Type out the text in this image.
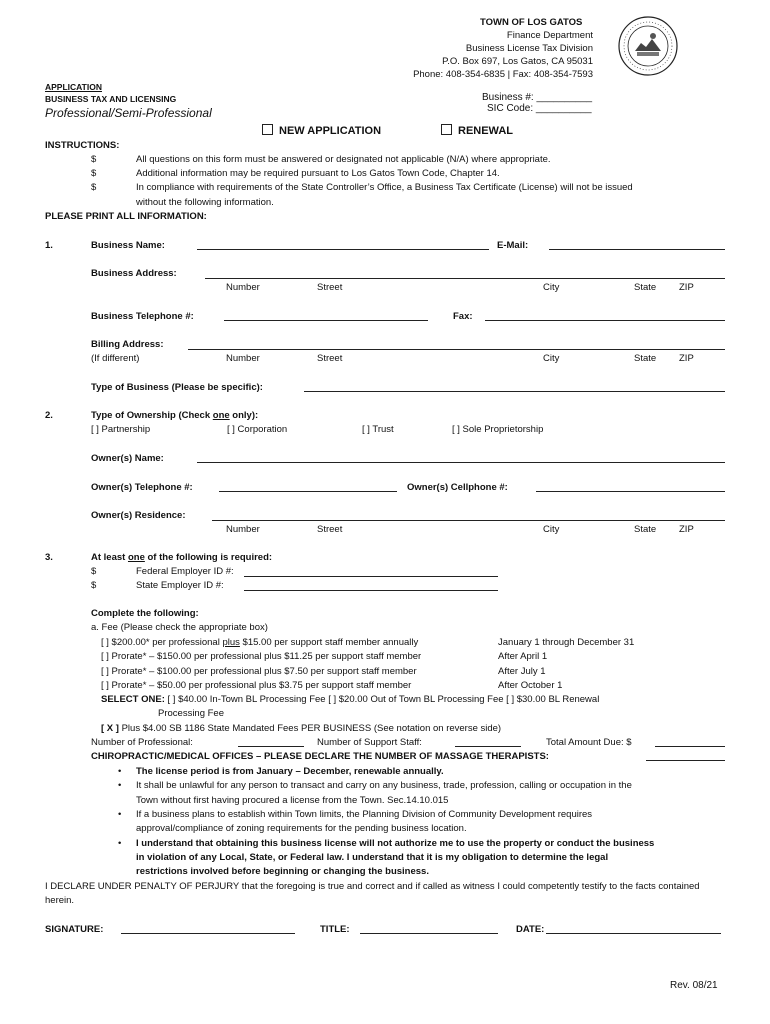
TOWN OF LOS GATOS
Finance Department
Business License Tax Division
P.O. Box 697, Los Gatos, CA 95031
Phone: 408-354-6835 | Fax: 408-354-7593
APPLICATION
BUSINESS TAX AND LICENSING
Professional/Semi-Professional
Business #: __________
SIC Code: __________
NEW APPLICATION	RENEWAL
INSTRUCTIONS:
$	All questions on this form must be answered or designated not applicable (N/A) where appropriate.
$	Additional information may be required pursuant to Los Gatos Town Code, Chapter 14.
$	In compliance with requirements of the State Controller’s Office, a Business Tax Certificate (License) will not be issued
without the following information.
PLEASE PRINT ALL INFORMATION:
1.	Business Name:	E-Mail:
Business Address:
Number	Street	City	State ZIP
Business Telephone #:	Fax:
Billing Address:
(If different)	Number	Street	City	State ZIP
Type of Business (Please be specific):
2.	Type of Ownership (Check one only):
[ ] Partnership	[ ] Corporation	[ ] Trust	[ ] Sole Proprietorship
Owner(s) Name:
Owner(s) Telephone #:	Owner(s) Cellphone #:
Owner(s) Residence:
Number	Street	City	State ZIP
3.	At least one of the following is required:
$	Federal Employer ID #:
$	State Employer ID #:
Complete the following:
a. Fee (Please check the appropriate box)
[ ] $200.00* per professional plus $15.00 per support staff member annually	January 1 through December 31
[ ] Prorate* – $150.00 per professional plus $11.25 per support staff member	After April 1
[ ] Prorate* – $100.00 per professional plus $7.50 per support staff member	After July 1
[ ] Prorate* – $50.00 per professional plus $3.75 per support staff member	After October 1
SELECT ONE: [ ] $40.00 In-Town BL Processing Fee [ ] $20.00 Out of Town BL Processing Fee [ ] $30.00 BL Renewal
Processing Fee
[ X ] Plus $4.00 SB 1186 State Mandated Fees PER BUSINESS (See notation on reverse side)
Number of Professional:	Number of Support Staff:	Total Amount Due: $
CHIROPRACTIC/MEDICAL OFFICES – PLEASE DECLARE THE NUMBER OF MASSAGE THERAPISTS:
• The license period is from January – December, renewable annually.
• It shall be unlawful for any person to transact and carry on any business, trade, profession, calling or occupation in the
Town without first having procured a license from the Town. Sec.14.10.015
• If a business plans to establish within Town limits, the Planning Division of Community Development requires
approval/compliance of zoning requirements for the pending business location.
• I understand that obtaining this business license will not authorize me to use the property or conduct the business
in violation of any Local, State, or Federal law. I understand that it is my obligation to determine the legal
restrictions involved before beginning or changing the business.
I DECLARE UNDER PENALTY OF PERJURY that the foregoing is true and correct and if called as witness I could competently testify to the facts contained
herein.
SIGNATURE:	TITLE:	DATE:
Rev. 08/21
